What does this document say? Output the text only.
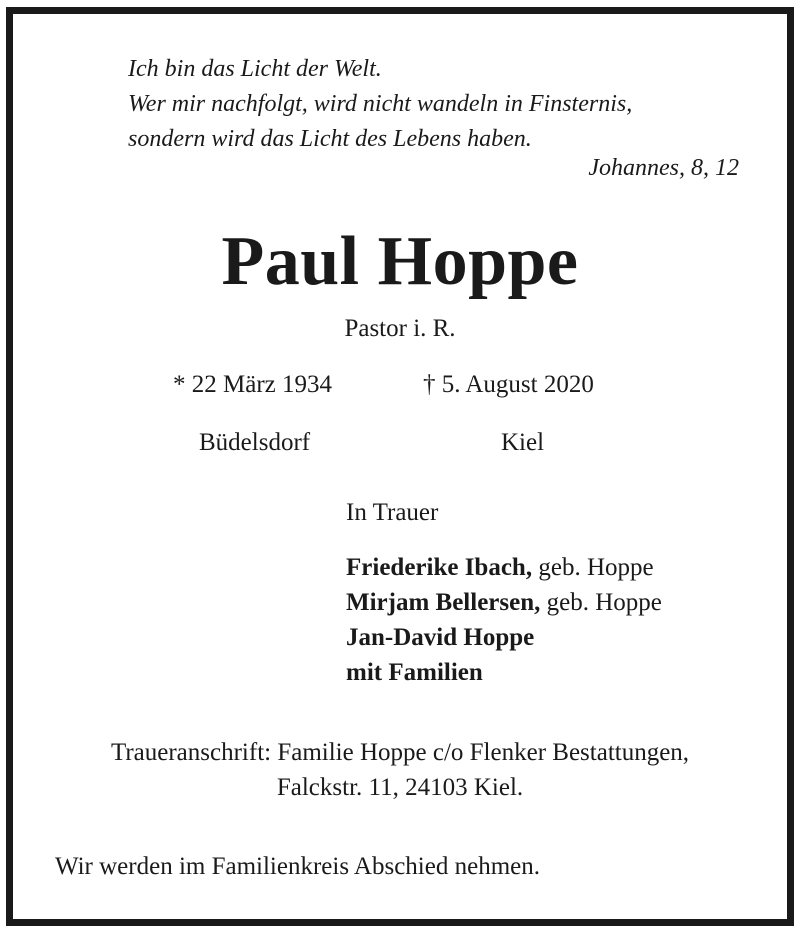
Ich bin das Licht der Welt.
Wer mir nachfolgt, wird nicht wandeln in Finsternis,
sondern wird das Licht des Lebens haben.
Johannes, 8, 12
Paul Hoppe
Pastor i. R.
* 22 März 1934	† 5. August 2020
Büdelsdorf	Kiel
In Trauer
Friederike Ibach, geb. Hoppe
Mirjam Bellersen, geb. Hoppe
Jan-David Hoppe
mit Familien
Traueranschrift: Familie Hoppe c/o Flenker Bestattungen,
Falckstr. 11, 24103 Kiel.
Wir werden im Familienkreis Abschied nehmen.
